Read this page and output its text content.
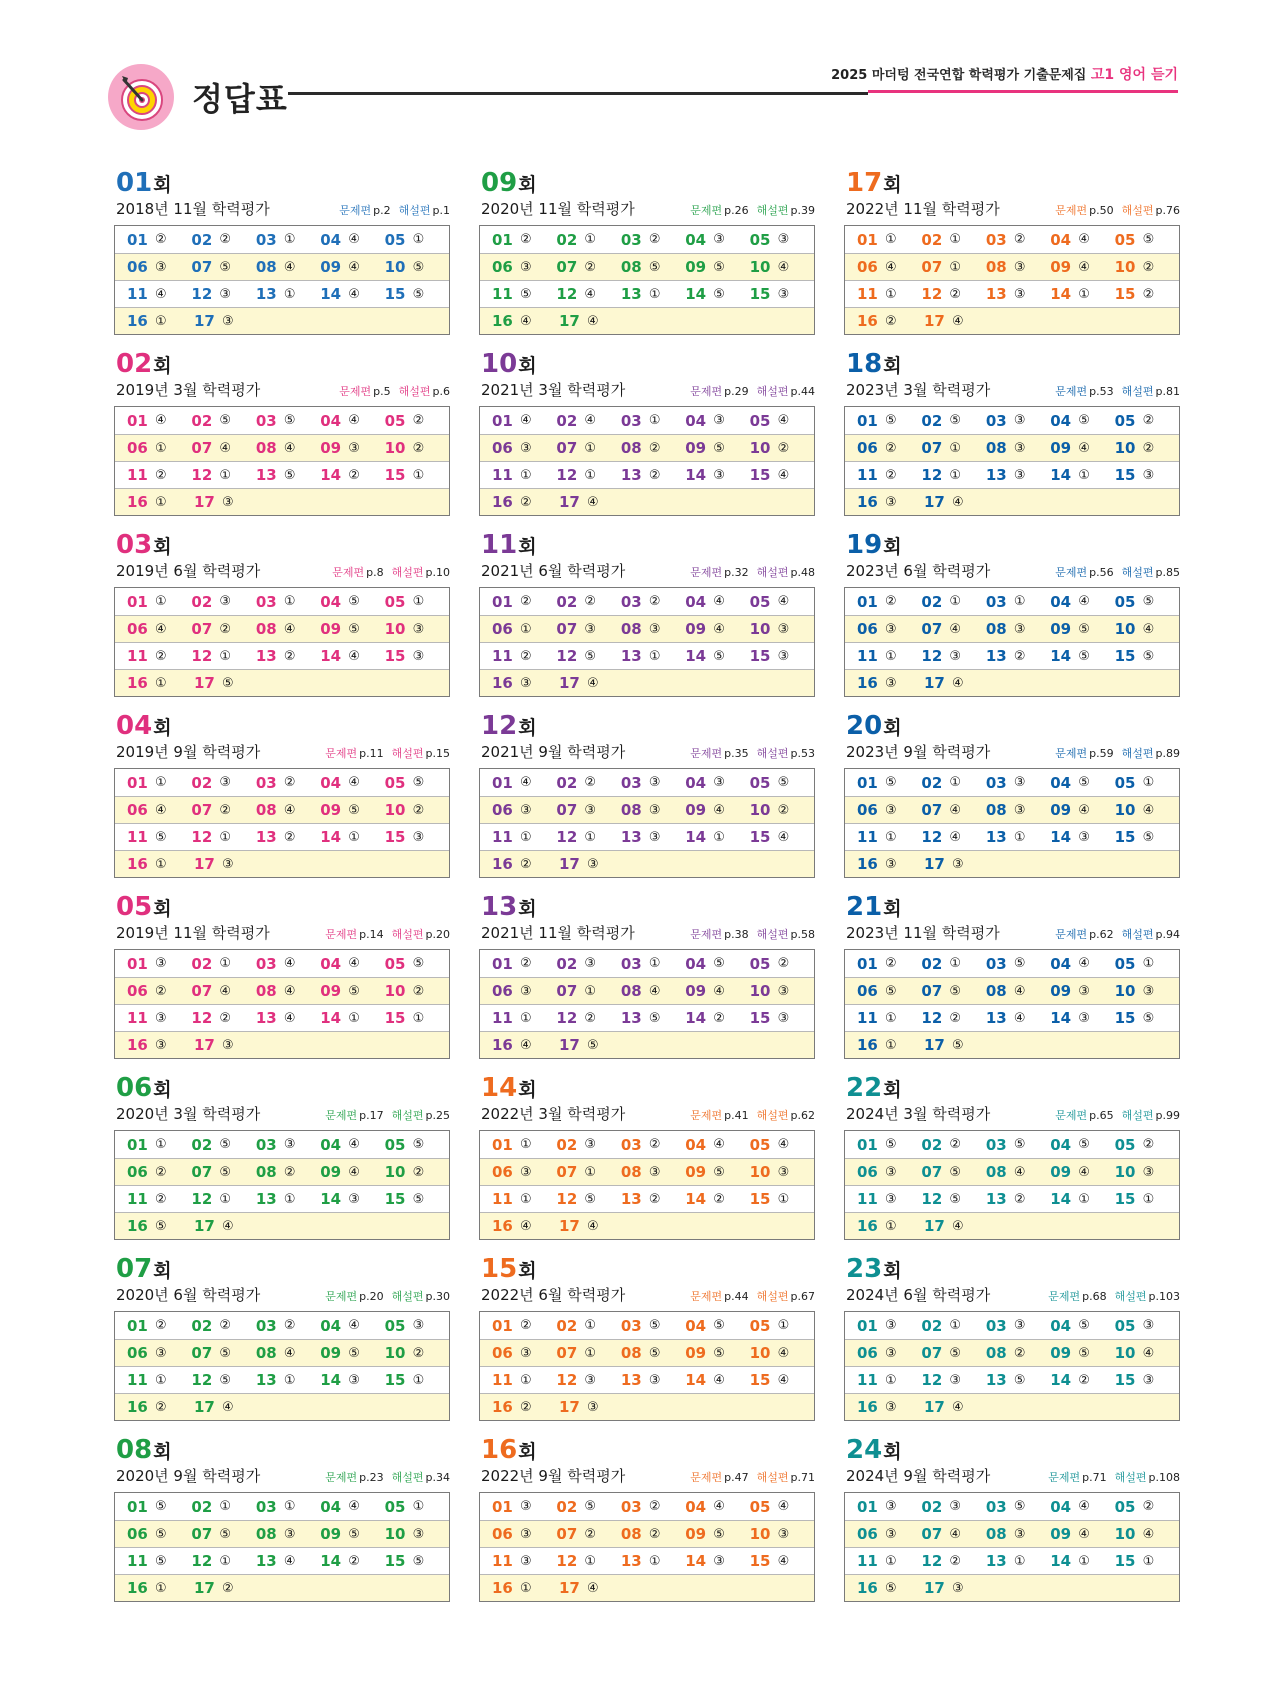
정답표
2025 마더텅 전국연합 학력평가 기출문제집 고1 영어 듣기
01회
2018년 11월 학력평가	문제편 p.2 해설편 p.1
01 ② 02 ② 03 ① 04 ④ 05 ①
06 ③ 07 ⑤ 08 ④ 09 ④ 10 ⑤
11 ④ 12 ③ 13 ① 14 ④ 15 ⑤
16 ① 17 ③
02회
2019년 3월 학력평가	문제편 p.5 해설편 p.6
01 ④ 02 ⑤ 03 ⑤ 04 ④ 05 ②
06 ① 07 ④ 08 ④ 09 ③ 10 ②
11 ② 12 ① 13 ⑤ 14 ② 15 ①
16 ① 17 ③
03회
2019년 6월 학력평가	문제편 p.8 해설편 p.10
01 ① 02 ③ 03 ① 04 ⑤ 05 ①
06 ④ 07 ② 08 ④ 09 ⑤ 10 ③
11 ② 12 ① 13 ② 14 ④ 15 ③
16 ① 17 ⑤
04회
2019년 9월 학력평가	문제편 p.11 해설편 p.15
01 ① 02 ③ 03 ② 04 ④ 05 ⑤
06 ④ 07 ② 08 ④ 09 ⑤ 10 ②
11 ⑤ 12 ① 13 ② 14 ① 15 ③
16 ① 17 ③
05회
2019년 11월 학력평가	문제편 p.14 해설편 p.20
01 ③ 02 ① 03 ④ 04 ④ 05 ⑤
06 ② 07 ④ 08 ④ 09 ⑤ 10 ②
11 ③ 12 ② 13 ④ 14 ① 15 ①
16 ③ 17 ③
06회
2020년 3월 학력평가	문제편 p.17 해설편 p.25
01 ① 02 ⑤ 03 ③ 04 ④ 05 ⑤
06 ② 07 ⑤ 08 ② 09 ④ 10 ②
11 ② 12 ① 13 ① 14 ③ 15 ⑤
16 ⑤ 17 ④
07회
2020년 6월 학력평가	문제편 p.20 해설편 p.30
01 ② 02 ② 03 ② 04 ④ 05 ③
06 ③ 07 ⑤ 08 ④ 09 ⑤ 10 ②
11 ① 12 ⑤ 13 ① 14 ③ 15 ①
16 ② 17 ④
08회
2020년 9월 학력평가	문제편 p.23 해설편 p.34
01 ⑤ 02 ① 03 ① 04 ④ 05 ①
06 ⑤ 07 ⑤ 08 ③ 09 ⑤ 10 ③
11 ⑤ 12 ① 13 ④ 14 ② 15 ⑤
16 ① 17 ②
09회
2020년 11월 학력평가	문제편 p.26 해설편 p.39
01 ② 02 ① 03 ② 04 ③ 05 ③
06 ③ 07 ② 08 ⑤ 09 ⑤ 10 ④
11 ⑤ 12 ④ 13 ① 14 ⑤ 15 ③
16 ④ 17 ④
10회
2021년 3월 학력평가	문제편 p.29 해설편 p.44
01 ④ 02 ④ 03 ① 04 ③ 05 ④
06 ③ 07 ① 08 ② 09 ⑤ 10 ②
11 ① 12 ① 13 ② 14 ③ 15 ④
16 ② 17 ④
11회
2021년 6월 학력평가	문제편 p.32 해설편 p.48
01 ② 02 ② 03 ② 04 ④ 05 ④
06 ① 07 ③ 08 ③ 09 ④ 10 ③
11 ② 12 ⑤ 13 ① 14 ⑤ 15 ③
16 ③ 17 ④
12회
2021년 9월 학력평가	문제편 p.35 해설편 p.53
01 ④ 02 ② 03 ③ 04 ③ 05 ⑤
06 ③ 07 ③ 08 ③ 09 ④ 10 ②
11 ① 12 ① 13 ③ 14 ① 15 ④
16 ② 17 ③
13회
2021년 11월 학력평가	문제편 p.38 해설편 p.58
01 ② 02 ③ 03 ① 04 ⑤ 05 ②
06 ③ 07 ① 08 ④ 09 ④ 10 ③
11 ① 12 ② 13 ⑤ 14 ② 15 ③
16 ④ 17 ⑤
14회
2022년 3월 학력평가	문제편 p.41 해설편 p.62
01 ① 02 ③ 03 ② 04 ④ 05 ④
06 ③ 07 ① 08 ③ 09 ⑤ 10 ③
11 ① 12 ⑤ 13 ② 14 ② 15 ①
16 ④ 17 ④
15회
2022년 6월 학력평가	문제편 p.44 해설편 p.67
01 ② 02 ① 03 ⑤ 04 ⑤ 05 ①
06 ③ 07 ① 08 ⑤ 09 ⑤ 10 ④
11 ① 12 ③ 13 ③ 14 ④ 15 ④
16 ② 17 ③
16회
2022년 9월 학력평가	문제편 p.47 해설편 p.71
01 ③ 02 ⑤ 03 ② 04 ④ 05 ④
06 ③ 07 ② 08 ② 09 ⑤ 10 ③
11 ③ 12 ① 13 ① 14 ③ 15 ④
16 ① 17 ④
17회
2022년 11월 학력평가	문제편 p.50 해설편 p.76
01 ① 02 ① 03 ② 04 ④ 05 ⑤
06 ④ 07 ① 08 ③ 09 ④ 10 ②
11 ① 12 ② 13 ③ 14 ① 15 ②
16 ② 17 ④
18회
2023년 3월 학력평가	문제편 p.53 해설편 p.81
01 ⑤ 02 ⑤ 03 ③ 04 ⑤ 05 ②
06 ② 07 ① 08 ③ 09 ④ 10 ②
11 ② 12 ① 13 ③ 14 ① 15 ③
16 ③ 17 ④
19회
2023년 6월 학력평가	문제편 p.56 해설편 p.85
01 ② 02 ① 03 ① 04 ④ 05 ⑤
06 ③ 07 ④ 08 ③ 09 ⑤ 10 ④
11 ① 12 ③ 13 ② 14 ⑤ 15 ⑤
16 ③ 17 ④
20회
2023년 9월 학력평가	문제편 p.59 해설편 p.89
01 ⑤ 02 ① 03 ③ 04 ⑤ 05 ①
06 ③ 07 ④ 08 ③ 09 ④ 10 ④
11 ① 12 ④ 13 ① 14 ③ 15 ⑤
16 ③ 17 ③
21회
2023년 11월 학력평가	문제편 p.62 해설편 p.94
01 ② 02 ① 03 ⑤ 04 ④ 05 ①
06 ⑤ 07 ⑤ 08 ④ 09 ③ 10 ③
11 ① 12 ② 13 ④ 14 ③ 15 ⑤
16 ① 17 ⑤
22회
2024년 3월 학력평가	문제편 p.65 해설편 p.99
01 ⑤ 02 ② 03 ⑤ 04 ⑤ 05 ②
06 ③ 07 ⑤ 08 ④ 09 ④ 10 ③
11 ③ 12 ⑤ 13 ② 14 ① 15 ①
16 ① 17 ④
23회
2024년 6월 학력평가	문제편 p.68 해설편 p.103
01 ③ 02 ① 03 ③ 04 ⑤ 05 ③
06 ③ 07 ⑤ 08 ② 09 ⑤ 10 ④
11 ① 12 ③ 13 ⑤ 14 ② 15 ③
16 ③ 17 ④
24회
2024년 9월 학력평가	문제편 p.71 해설편 p.108
01 ③ 02 ③ 03 ⑤ 04 ④ 05 ②
06 ③ 07 ④ 08 ③ 09 ④ 10 ④
11 ① 12 ② 13 ① 14 ① 15 ①
16 ⑤ 17 ③
